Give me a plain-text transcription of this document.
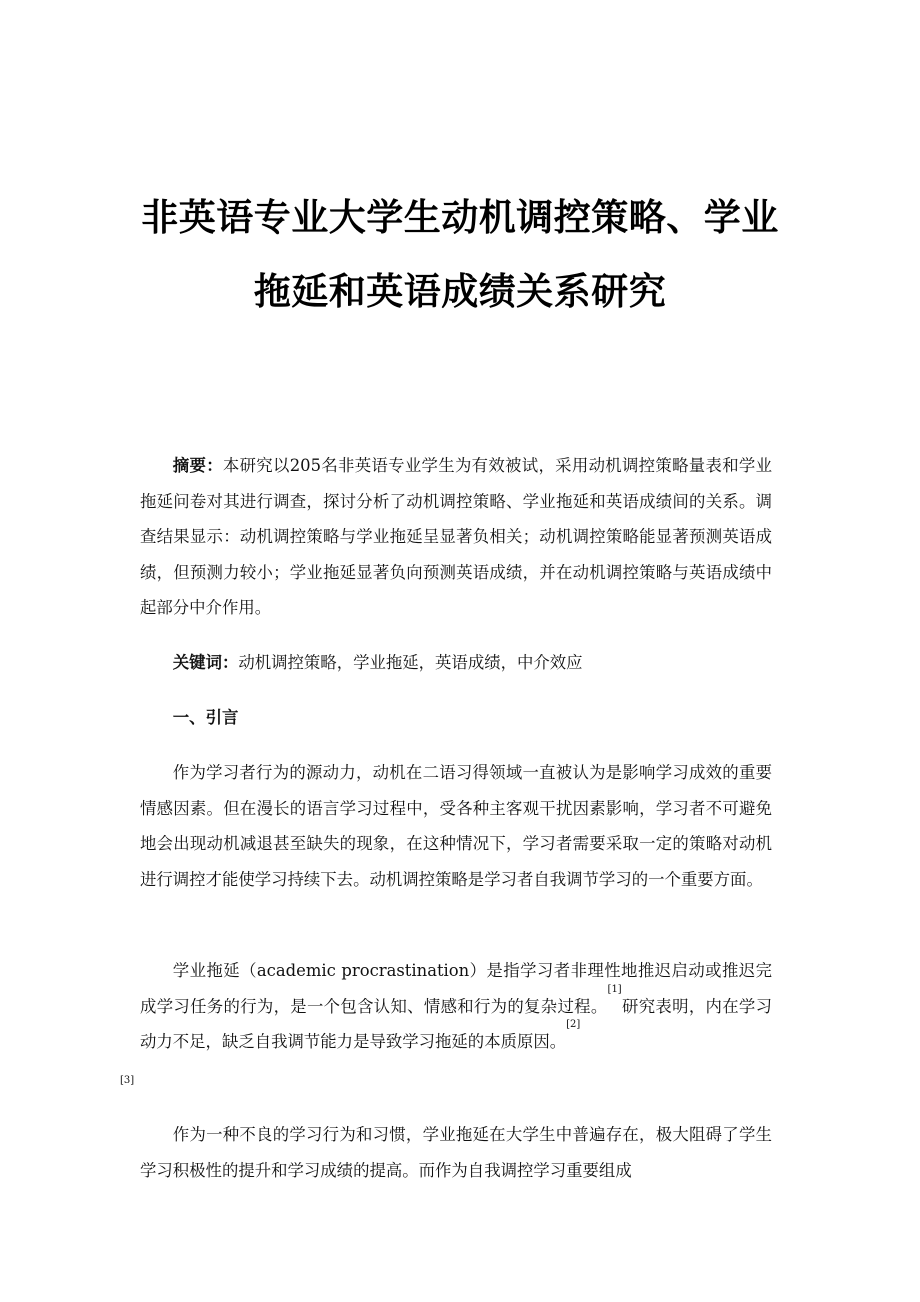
非英语专业大学生动机调控策略、学业
拖延和英语成绩关系研究

摘要：本研究以205名非英语专业学生为有效被试，采用动机调控策略量表和学业拖延问卷对其进行调查，探讨分析了动机调控策略、学业拖延和英语成绩间的关系。调查结果显示：动机调控策略与学业拖延呈显著负相关；动机调控策略能显著预测英语成绩，但预测力较小；学业拖延显著负向预测英语成绩，并在动机调控策略与英语成绩中起部分中介作用。

关键词：动机调控策略，学业拖延，英语成绩，中介效应

一、引言

作为学习者行为的源动力，动机在二语习得领域一直被认为是影响学习成效的重要情感因素。但在漫长的语言学习过程中，受各种主客观干扰因素影响，学习者不可避免地会出现动机减退甚至缺失的现象，在这种情况下，学习者需要采取一定的策略对动机进行调控才能使学习持续下去。动机调控策略是学习者自我调节学习的一个重要方面。

学业拖延（academic procrastination）是指学习者非理性地推迟启动或推迟完成学习任务的行为，是一个包含认知、情感和行为的复杂过程。[1]研究表明，内在学习动力不足，缺乏自我调节能力是导致学习拖延的本质原因。[2]
[3]

作为一种不良的学习行为和习惯，学业拖延在大学生中普遍存在，极大阻碍了学生学习积极性的提升和学习成绩的提高。而作为自我调控学习重要组成
